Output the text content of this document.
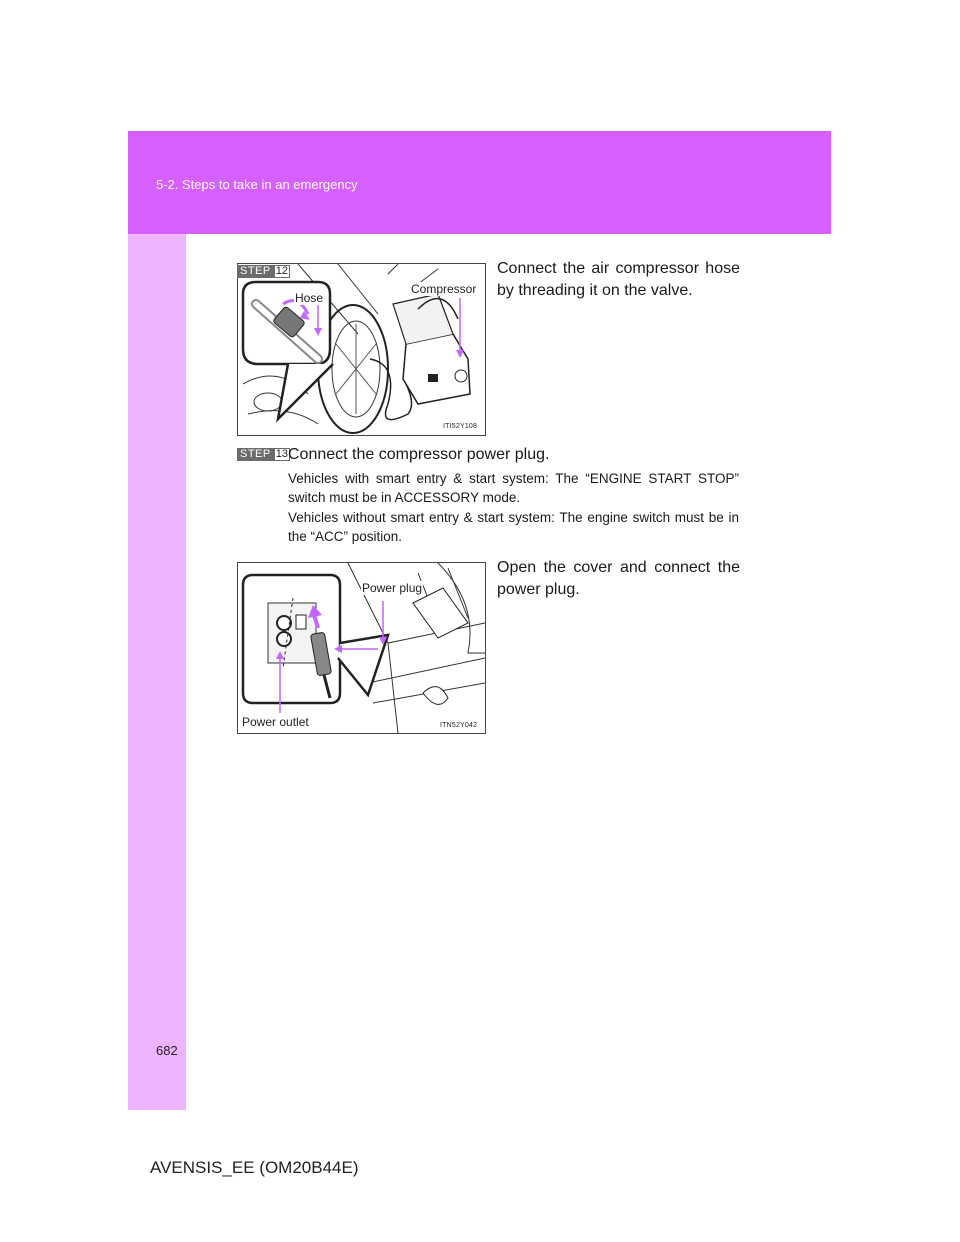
5-2. Steps to take in an emergency
Hose
Compressor
ITI52Y108
STEP 12	Connect the air compressor hose by threading it on the valve.
STEP 13 Connect the compressor power plug.
Vehicles with smart entry & start system: The “ENGINE START STOP” switch must be in ACCESSORY mode.
Vehicles without smart entry & start system: The engine switch must be in the “ACC” position.
Power plug
Power outlet	ITN52Y042
Open the cover and connect the power plug.
682
AVENSIS_EE (OM20B44E)
